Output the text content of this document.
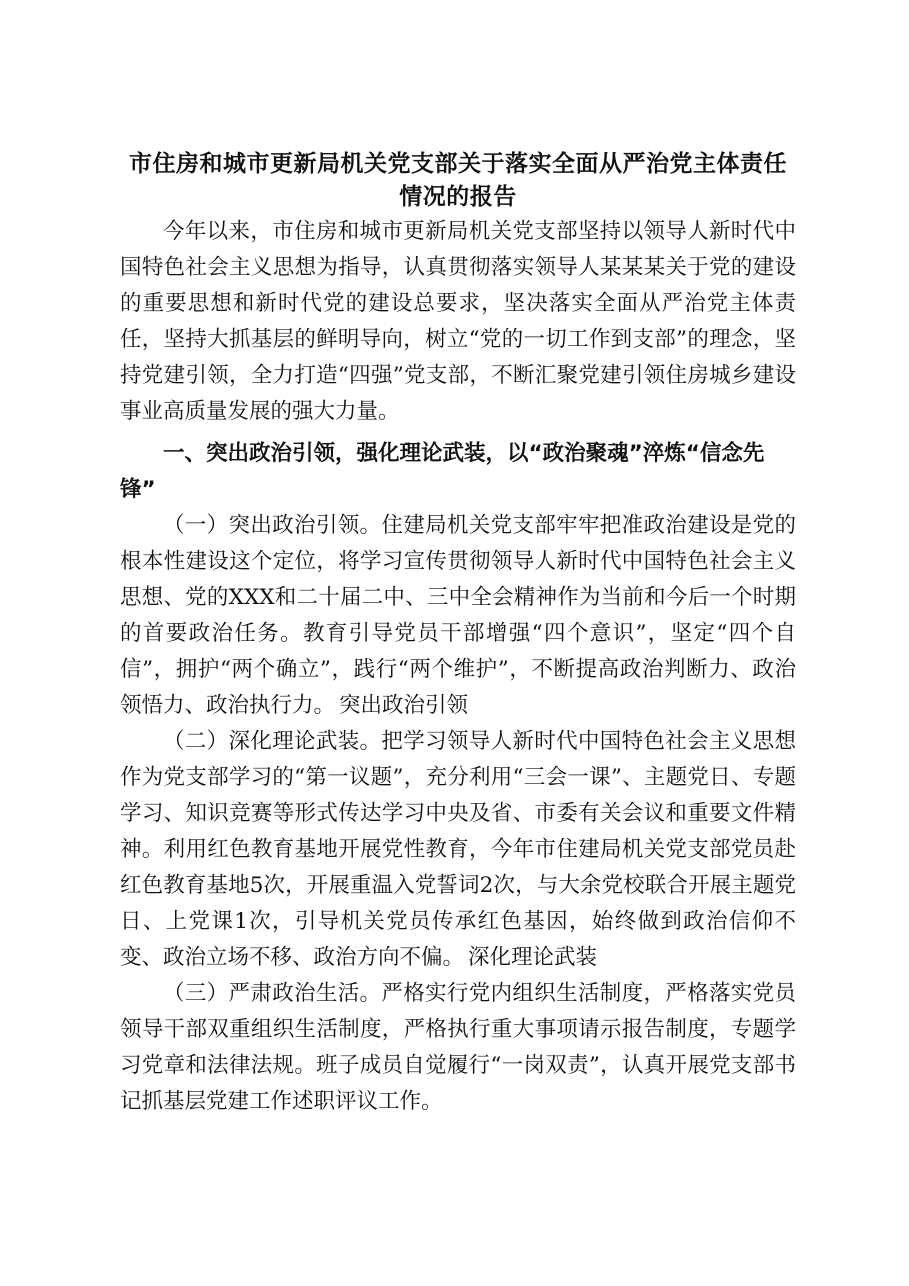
市住房和城市更新局机关党支部关于落实全面从严治党主体责任情况的报告

今年以来，市住房和城市更新局机关党支部坚持以领导人新时代中国特色社会主义思想为指导，认真贯彻落实领导人某某某关于党的建设的重要思想和新时代党的建设总要求，坚决落实全面从严治党主体责任，坚持大抓基层的鲜明导向，树立“党的一切工作到支部”的理念，坚持党建引领，全力打造“四强”党支部，不断汇聚党建引领住房城乡建设事业高质量发展的强大力量。

一、突出政治引领，强化理论武装，以“政治聚魂”淬炼“信念先锋”

（一）突出政治引领。住建局机关党支部牢牢把准政治建设是党的根本性建设这个定位，将学习宣传贯彻领导人新时代中国特色社会主义思想、党的XXX和二十届二中、三中全会精神作为当前和今后一个时期的首要政治任务。教育引导党员干部增强“四个意识”，坚定“四个自信”，拥护“两个确立”，践行“两个维护”，不断提高政治判断力、政治领悟力、政治执行力。 突出政治引领

（二）深化理论武装。把学习领导人新时代中国特色社会主义思想作为党支部学习的“第一议题”，充分利用“三会一课”、主题党日、专题学习、知识竞赛等形式传达学习中央及省、市委有关会议和重要文件精神。利用红色教育基地开展党性教育，今年市住建局机关党支部党员赴红色教育基地5次，开展重温入党誓词2次，与大余党校联合开展主题党日、上党课1次，引导机关党员传承红色基因，始终做到政治信仰不变、政治立场不移、政治方向不偏。 深化理论武装

（三）严肃政治生活。严格实行党内组织生活制度，严格落实党员领导干部双重组织生活制度，严格执行重大事项请示报告制度，专题学习党章和法律法规。班子成员自觉履行“一岗双责”，认真开展党支部书记抓基层党建工作述职评议工作。
